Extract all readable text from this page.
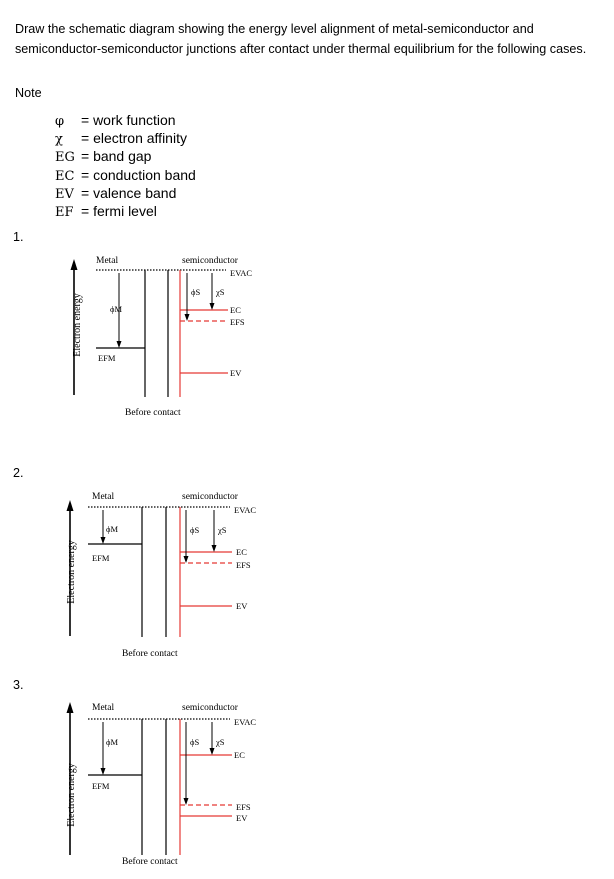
Draw the schematic diagram showing the energy level alignment of metal-semiconductor and semiconductor-semiconductor junctions after contact under thermal equilibrium for the following cases.
Note
φ	= work function
χ	= electron affinity
EG = band gap
EC = conduction band
EV = valence band
EF = fermi level
1.
Electron energy
Metal	semiconductor
EVAC
ϕM
EFM
ϕS χS
EC
EFS
EV
Before contact
2.
Electron energy
Metal	semiconductor
EVAC
ϕM
EFM
ϕS χS
EC
EFS
EV
Before contact
3.
Electron energy
Metal	semiconductor
EVAC
ϕM
EFM
ϕS χS
EC
EFS
EV
Before contact
